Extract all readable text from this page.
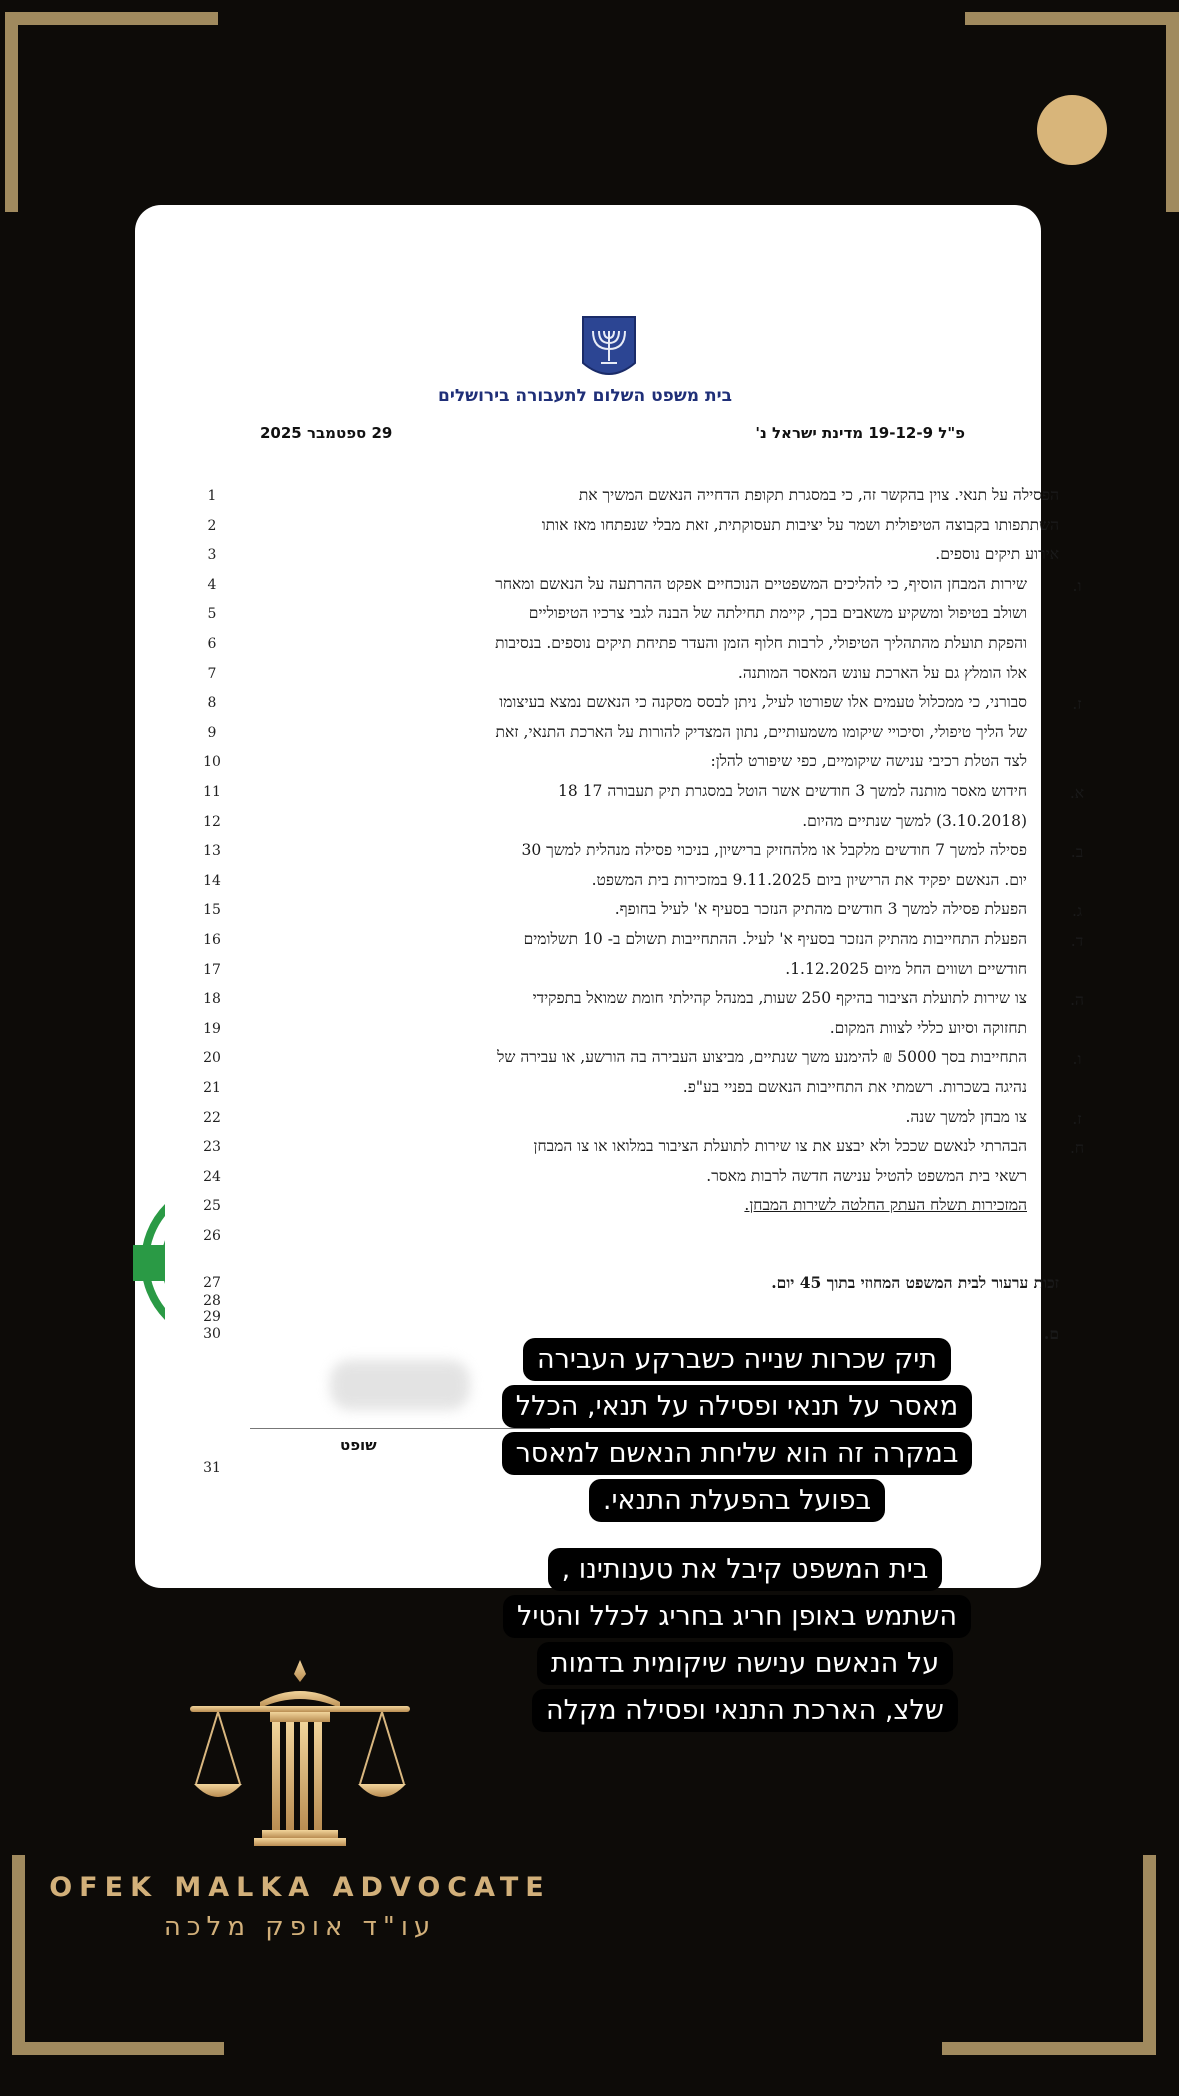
בית משפט השלום לתעבורה בירושלים
פ"ל 19-12-9 מדינת ישראל נ'
29 ספטמבר 2025
1	הפסילה על תנאי. צוין בהקשר זה, כי במסגרת תקופת הדחייה הנאשם המשיך את
2	השתתפותו בקבוצה הטיפולית ושמר על יציבות תעסוקתית, זאת מבלי שנפתחו מאז אותו
3	אירוע תיקים נוספים.
4	ו.
שירות המבחן הוסיף, כי להליכים המשפטיים הנוכחיים אפקט ההרתעה על הנאשם ומאחר
5	ושולב בטיפול ומשקיע משאבים בכך, קיימת תחילתה של הבנה לגבי צרכיו הטיפוליים
6	והפקת תועלת מהתהליך הטיפולי, לרבות חלוף הזמן והעדר פתיחת תיקים נוספים. בנסיבות
7	אלו הומלץ גם על הארכת עונש המאסר המותנה.
8	ז.
סבורני, כי ממכלול טעמים אלו שפורטו לעיל, ניתן לבסס מסקנה כי הנאשם נמצא בעיצומו
9	של הליך טיפולי, וסיכויי שיקומו משמעותיים, נתון המצדיק להורות על הארכת התנאי, זאת
10	לצד הטלת רכיבי ענישה שיקומיים, כפי שיפורט להלן:
11	א.
חידוש מאסר מותנה למשך 3 חודשים אשר הוטל במסגרת תיק תעבורה 17 18
12	(3.10.2018) למשך שנתיים מהיום.
13	ב.
פסילה למשך 7 חודשים מלקבל או מלהחזיק ברישיון, בניכוי פסילה מנהלית למשך 30
14	יום. הנאשם יפקיד את הרישיון ביום 9.11.2025 במזכירות בית המשפט.
15	ג.
הפעלת פסילה למשך 3 חודשים מהתיק הנזכר בסעיף א' לעיל בחופף.
16	ד.
הפעלת התחייבות מהתיק הנזכר בסעיף א' לעיל. ההתחייבות תשולם ב- 10 תשלומים
17	חודשיים ושווים החל מיום 1.12.2025.
18	ה.
צו שירות לתועלת הציבור בהיקף 250 שעות, במנהל קהילתי חומת שמואל בתפקידי
19	תחזוקה וסיוע כללי לצוות המקום.
20	ו.
התחייבות בסך 5000 ₪ להימנע משך שנתיים, מביצוע העבירה בה הורשע, או עבירה של
21	נהיגה בשכרות. רשמתי את התחייבות הנאשם בפניי בע"פ.
22	ז.
צו מבחן למשך שנה.
23	ח.
הבהרתי לנאשם שככל ולא יבצע את צו שירות לתועלת הציבור במלואו או צו המבחן
24	רשאי בית המשפט להטיל ענישה חדשה לרבות מאסר.
25	המזכירות תשלח העתק החלטה לשירות המבחן.
26
27	זכות ערעור לבית המשפט המחוזי בתוך 45 יום.
28
29
30	ם.
31
שופט
תיק שכרות שנייה כשברקע העבירה
מאסר על תנאי ופסילה על תנאי, הכלל
במקרה זה הוא שליחת הנאשם למאסר
בפועל בהפעלת התנאי.
בית המשפט קיבל את טענותינו ,
השתמש באופן חריג בחריג לכלל והטיל
על הנאשם ענישה שיקומית בדמות
שלצ, הארכת התנאי ופסילה מקלה
OFEK MALKA ADVOCATE
עו"ד אופק מלכה
